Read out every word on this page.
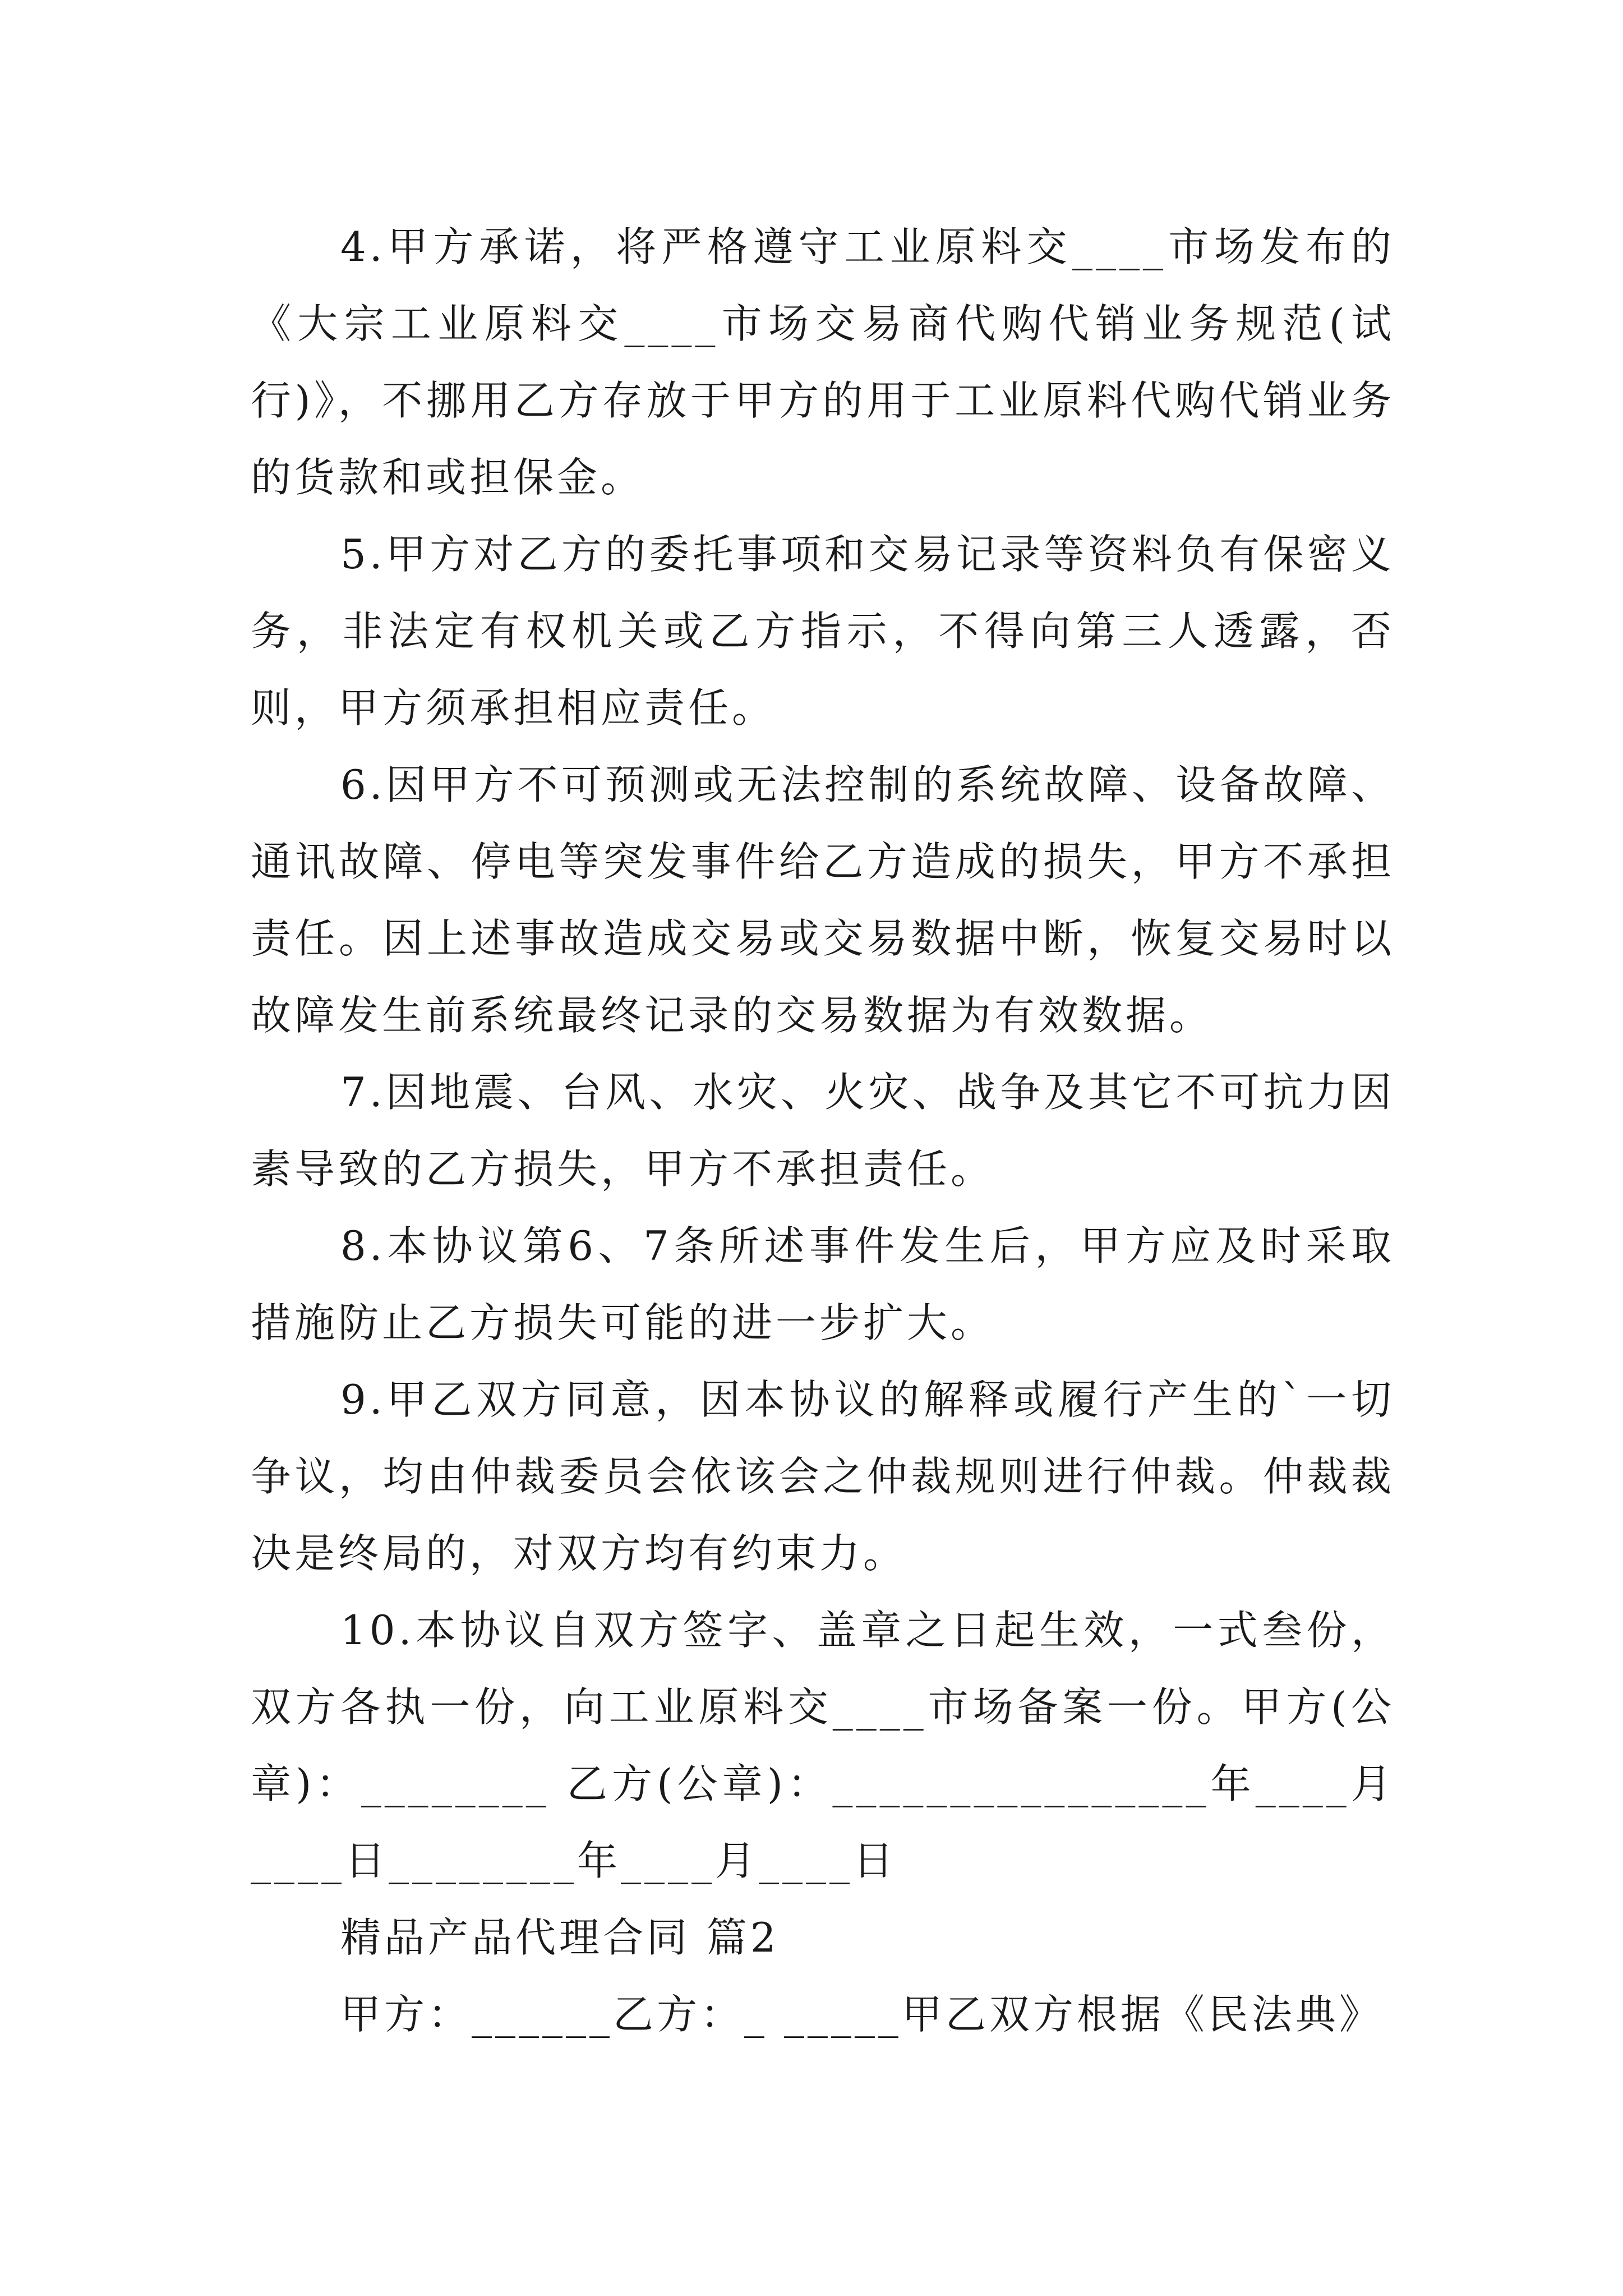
4.甲方承诺，将严格遵守工业原料交____市场发布的《大宗工业原料交____市场交易商代购代销业务规范(试行)》，不挪用乙方存放于甲方的用于工业原料代购代销业务的货款和或担保金。

5.甲方对乙方的委托事项和交易记录等资料负有保密义务，非法定有权机关或乙方指示，不得向第三人透露，否则，甲方须承担相应责任。

6.因甲方不可预测或无法控制的系统故障、设备故障、通讯故障、停电等突发事件给乙方造成的损失，甲方不承担责任。因上述事故造成交易或交易数据中断，恢复交易时以故障发生前系统最终记录的交易数据为有效数据。

7.因地震、台风、水灾、火灾、战争及其它不可抗力因素导致的乙方损失，甲方不承担责任。

8.本协议第6、7条所述事件发生后，甲方应及时采取措施防止乙方损失可能的进一步扩大。

9.甲乙双方同意，因本协议的解释或履行产生的`一切争议，均由仲裁委员会依该会之仲裁规则进行仲裁。仲裁裁决是终局的，对双方均有约束力。

10.本协议自双方签字、盖章之日起生效，一式叁份，双方各执一份，向工业原料交____市场备案一份。甲方(公章)：________ 乙方(公章)：________________年____月____日________年____月____日

精品产品代理合同 篇2

甲方：______乙方：_ _____甲乙双方根据《民法典》
